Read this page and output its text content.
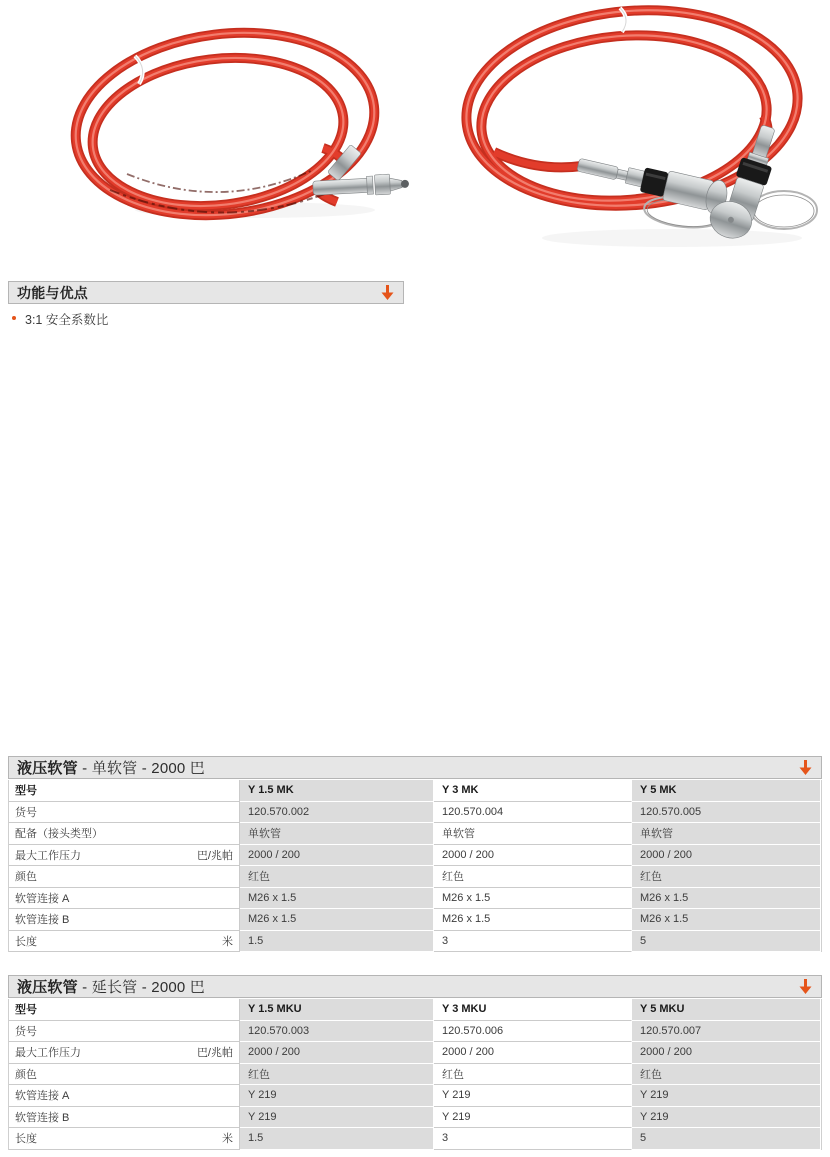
功能与优点
3:1 安全系数比
液压软管 - 单软管 - 2000 巴
型号	Y 1.5 MK	Y 3 MK	Y 5 MK
货号	120.570.002	120.570.004	120.570.005
配备（接头类型）	单软管	单软管	单软管
最大工作压力	巴/兆帕	2000 / 200	2000 / 200	2000 / 200
颜色	红色	红色	红色
软管连接 A	M26 x 1.5	M26 x 1.5	M26 x 1.5
软管连接 B	M26 x 1.5	M26 x 1.5	M26 x 1.5
长度	米	1.5	3	5
液压软管 - 延长管 - 2000 巴
型号	Y 1.5 MKU	Y 3 MKU	Y 5 MKU
货号	120.570.003	120.570.006	120.570.007
最大工作压力	巴/兆帕	2000 / 200	2000 / 200	2000 / 200
颜色	红色	红色	红色
软管连接 A	Y 219	Y 219	Y 219
软管连接 B	Y 219	Y 219	Y 219
长度	米	1.5	3	5
